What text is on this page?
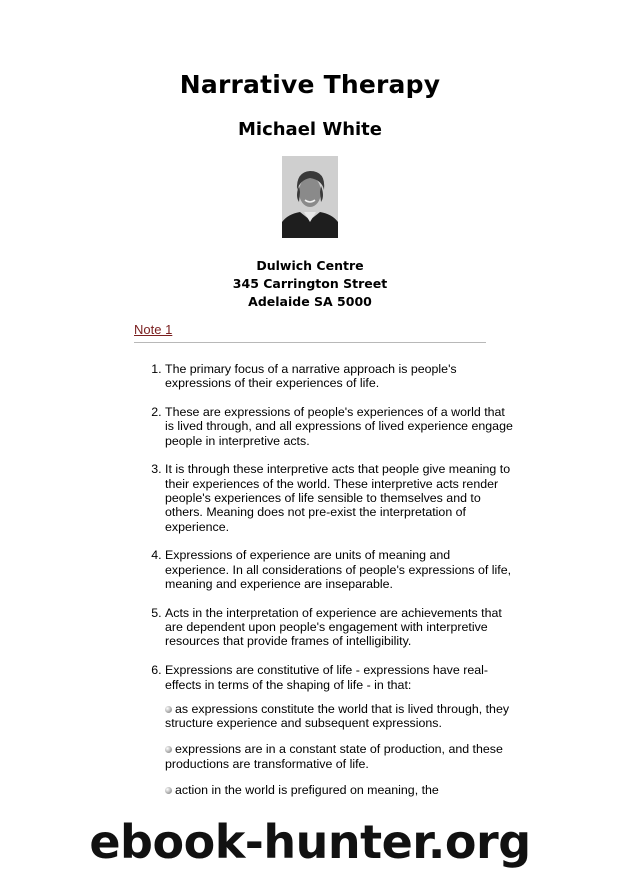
Narrative Therapy
Michael White
Dulwich Centre
345 Carrington Street
Adelaide SA 5000
Note 1
1. The primary focus of a narrative approach is people's expressions of their experiences of life.
2. These are expressions of people's experiences of a world that is lived through, and all expressions of lived experience engage people in interpretive acts.
3. It is through these interpretive acts that people give meaning to their experiences of the world. These interpretive acts render people's experiences of life sensible to themselves and to others. Meaning does not pre-exist the interpretation of experience.
4. Expressions of experience are units of meaning and experience. In all considerations of people's expressions of life, meaning and experience are inseparable.
5. Acts in the interpretation of experience are achievements that are dependent upon people's engagement with interpretive resources that provide frames of intelligibility.
6. Expressions are constitutive of life - expressions have real-effects in terms of the shaping of life - in that:
as expressions constitute the world that is lived through, they structure experience and subsequent expressions.
expressions are in a constant state of production, and these productions are transformative of life.
action in the world is prefigured on meaning, the
ebook-hunter.org
